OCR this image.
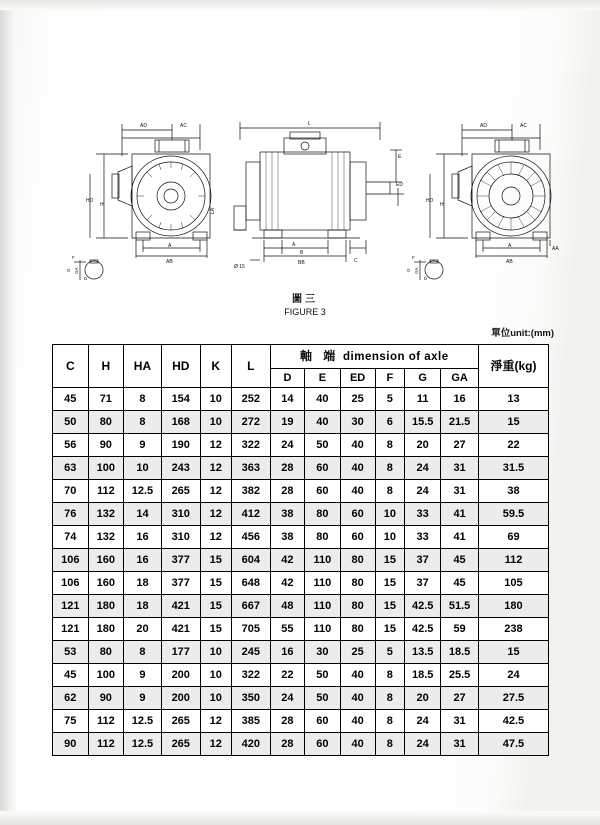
AD	AC
HD
H
A
AB
LA
F
G GA
D
L
E
ED
A
B
BB	C
Ø 15
AD	AC
HD
H
A
AB
AA
F
G GA
D
圖三
FIGURE 3
單位unit:(mm)
C	H	HA	HD	K	L	軸 端 dimension of axle						淨重(kg)
						D	E	ED	F	G	GA	
45	71	8	154	10	252	14	40	25	5	11	16	13
50	80	8	168	10	272	19	40	30	6	15.5	21.5	15
56	90	9	190	12	322	24	50	40	8	20	27	22
63	100	10	243	12	363	28	60	40	8	24	31	31.5
70	112	12.5	265	12	382	28	60	40	8	24	31	38
76	132	14	310	12	412	38	80	60	10	33	41	59.5
74	132	16	310	12	456	38	80	60	10	33	41	69
106	160	16	377	15	604	42	110	80	15	37	45	112
106	160	18	377	15	648	42	110	80	15	37	45	105
121	180	18	421	15	667	48	110	80	15	42.5	51.5	180
121	180	20	421	15	705	55	110	80	15	42.5	59	238
53	80	8	177	10	245	16	30	25	5	13.5	18.5	15
45	100	9	200	10	322	22	50	40	8	18.5	25.5	24
62	90	9	200	10	350	24	50	40	8	20	27	27.5
75	112	12.5	265	12	385	28	60	40	8	24	31	42.5
90	112	12.5	265	12	420	28	60	40	8	24	31	47.5
